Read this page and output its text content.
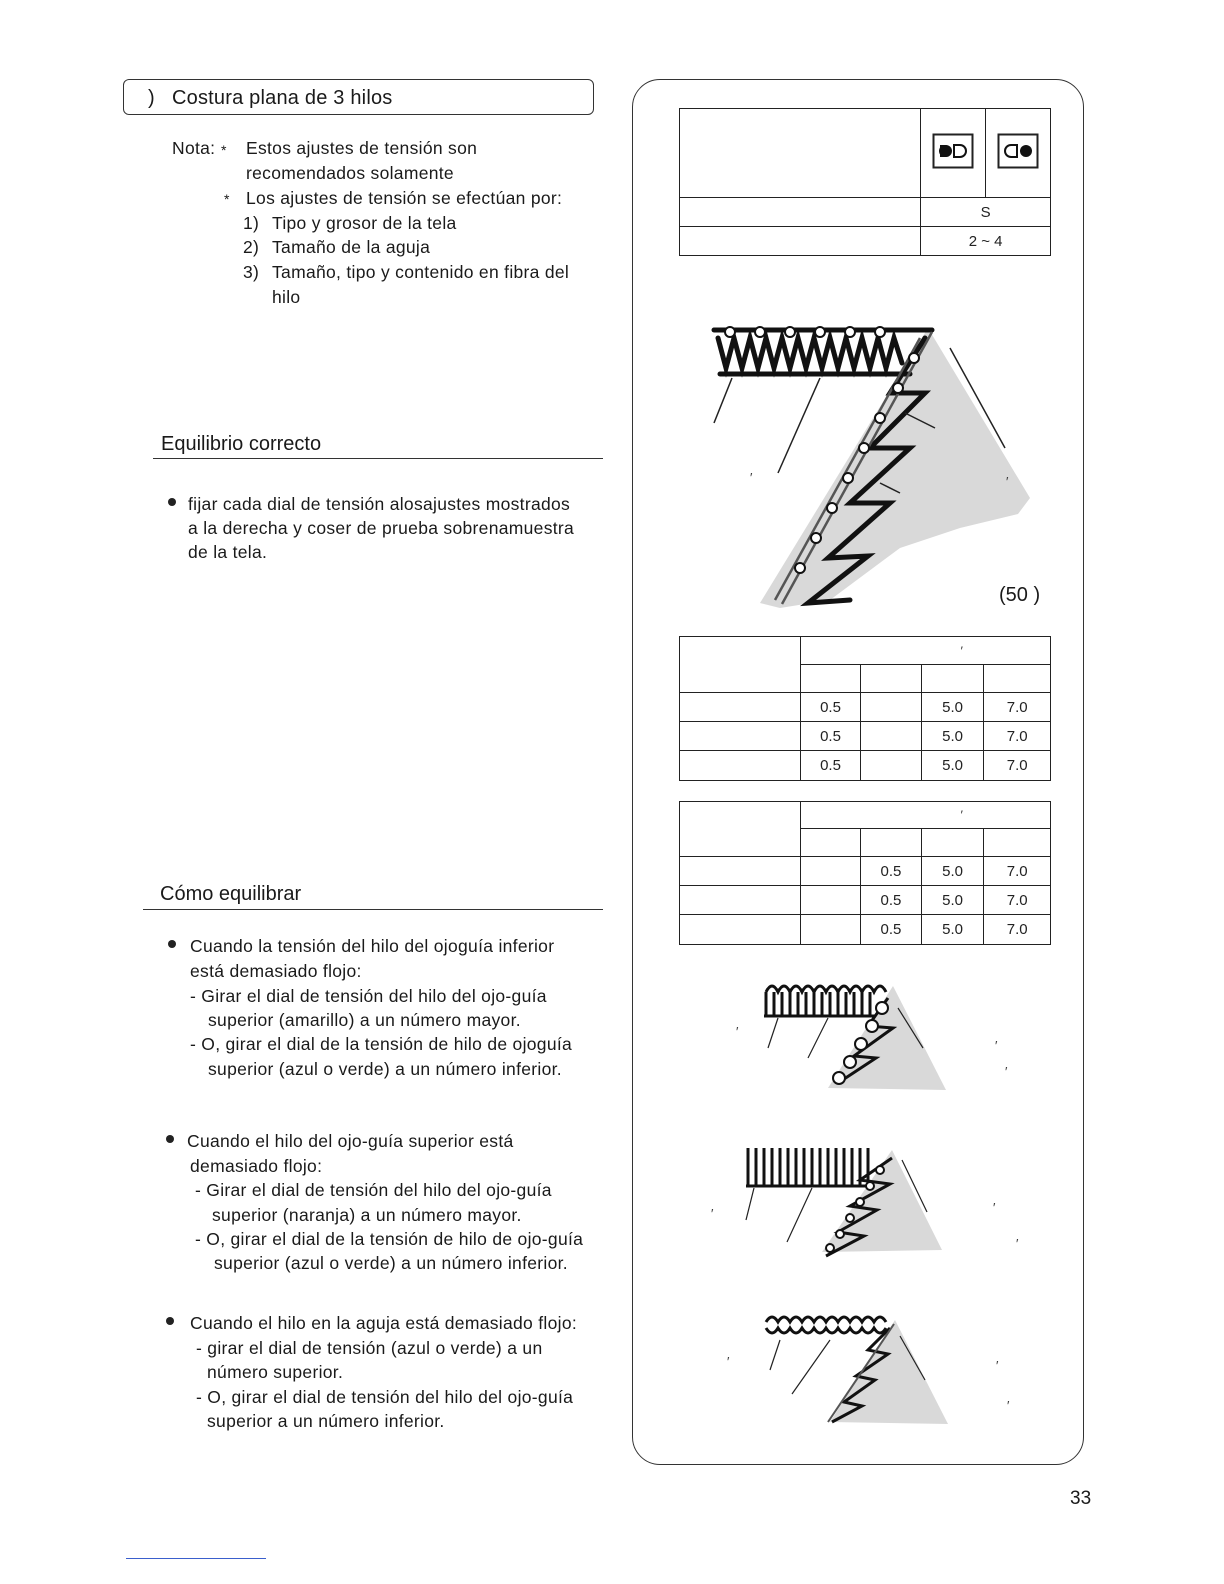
) Costura plana de 3 hilos
Nota: * Estos ajustes de tensión son
recomendados solamente
* Los ajustes de tensión se efectúan por:
1) Tipo y grosor de la tela
2) Tamaño de la aguja
3) Tamaño, tipo y contenido en fibra del
hilo
Equilibrio correcto
fijar cada dial de tensión alosajustes mostrados
a la derecha y coser de prueba sobrenamuestra
de la tela.
Cómo equilibrar
Cuando la tensión del hilo del ojoguía inferior
está demasiado flojo:
- Girar el dial de tensión del hilo del ojo-guía
superior (amarillo) a un número mayor.
- O, girar el dial de la tensión de hilo de ojoguía
superior (azul o verde) a un número inferior.
Cuando el hilo del ojo-guía superior está
demasiado flojo:
- Girar el dial de tensión del hilo del ojo-guía
superior (naranja) a un número mayor.
- O, girar el dial de la tensión de hilo de ojo-guía
superior (azul o verde) a un número inferior.
Cuando el hilo en la aguja está demasiado flojo:
- girar el dial de tensión (azul o verde) a un
número superior.
- O, girar el dial de tensión del hilo del ojo-guía
superior a un número inferior.

	S	
	2 ~ 4	
′	′
(50 )
	′			

	0.5		5.0	7.0
	0.5		5.0	7.0
	0.5		5.0	7.0
	′			

		0.5	5.0	7.0
		0.5	5.0	7.0
		0.5	5.0	7.0
′
′
′
′	′
′
′	′
′
33
